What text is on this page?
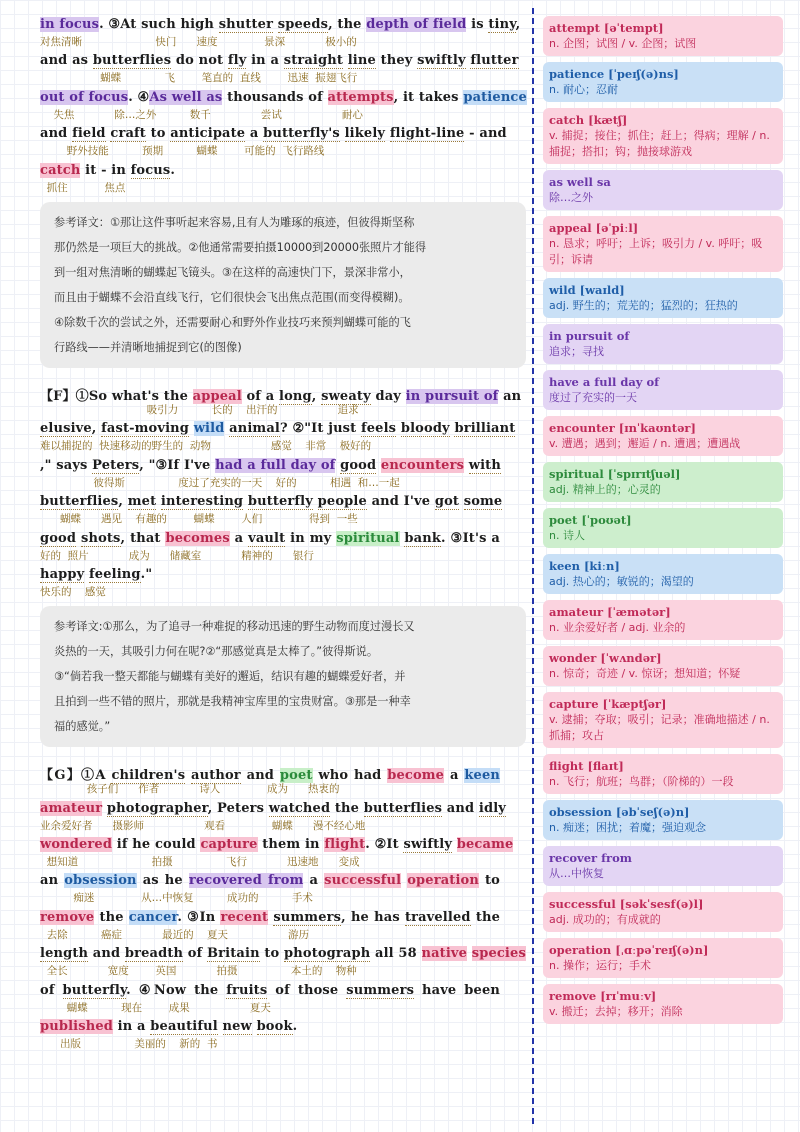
in focus. ③At such high shutter speeds, the depth of field is tiny,
对焦清晰                      快门      速度              景深            极小的
and as butterflies do not fly in a straight line they swiftly flutter
蝴蝶             飞        笔直的  直线        迅速  振翅飞行
out of focus. ④As well as thousands of attempts, it takes patience
失焦            除…之外          数千               尝试                  耐心
and field craft to anticipate a butterfly's likely flight-line - and
野外技能          预期          蝴蝶        可能的  飞行路线
catch it - in focus.
抓住           焦点
参考译文：①那让这件事听起来容易,且有人为雕琢的痕迹，但彼得斯坚称
那仍然是一项巨大的挑战。②他通常需要拍摄10000到20000张照片才能得
到一组对焦清晰的蝴蝶起飞镜头。③在这样的高速快门下，景深非常小，
而且由于蝴蝶不会沿直线飞行，它们很快会飞出焦点范围(而变得模糊)。
④除数千次的尝试之外，还需要耐心和野外作业技巧来预判蝴蝶可能的飞
行路线——并清晰地捕捉到它(的图像)
【F】①So what's the appeal of a long, sweaty day in pursuit of an
吸引力          长的    出汗的                  追求
elusive, fast-moving wild animal? ②"It just feels bloody brilliant
难以捕捉的  快速移动的野生的  动物                  感觉    非常    极好的
," says Peters, "③If I've had a full day of good encounters with
彼得斯                度过了充实的一天    好的          相遇  和…一起
butterflies, met interesting butterfly people and I've got some
蝴蝶      遇见    有趣的        蝴蝶        人们              得到  一些
good shots, that becomes a vault in my spiritual bank. ③It's a
好的  照片            成为      储藏室            精神的      银行
happy feeling."
快乐的    感觉
参考译文:①那么，为了追寻一种难捉的移动迅速的野生动物而度过漫长又
炎热的一天，其吸引力何在呢?②“那感觉真是太棒了。”彼得斯说。
③“倘若我一整天都能与蝴蝶有美好的邂逅，结识有趣的蝴蝶爱好者，并
且拍到一些不错的照片，那就是我精神宝库里的宝贵财富。③那是一种幸
福的感觉。”
【G】①A children's author and poet who had become a keen
孩子们      作者            诗人              成为      热衷的
amateur photographer, Peters watched the butterflies and idly
业余爱好者      摄影师                  观看              蝴蝶      漫不经心地
wondered if he could capture them in flight. ②It swiftly became
想知道                      拍摄                飞行            迅速地      变成
an obsession as he recovered from a successful operation to
痴迷              从…中恢复          成功的          手术
remove the cancer. ③In recent summers, he has travelled the
去除          癌症            最近的    夏天                  游历
length and breadth of Britain to photograph all 58 native species
全长            宽度        英国            拍摄                本土的    物种
of butterfly. ④Now the fruits of those summers have been
蝴蝶          现在        成果                  夏天
published in a beautiful new book.
出版                美丽的    新的  书
attempt [əˈtempt]
n. 企图；试图 / v. 企图；试图
patience [ˈpeɪʃ(ə)ns]
n. 耐心；忍耐
catch [kætʃ]
v. 捕捉；接住；抓住；赶上；得病；理解 / n. 捕捉；搭扣；钩；抛接球游戏
as well sa
除…之外
appeal [əˈpiːl]
n. 恳求；呼吁；上诉；吸引力 / v. 呼吁；吸引；诉请
wild [waɪld]
adj. 野生的；荒芜的；猛烈的；狂热的
in pursuit of
追求；寻找
have a full day of
度过了充实的一天
encounter [ɪnˈkaʊntər]
v. 遭遇；遇到；邂逅 / n. 遭遇；遭遇战
spiritual [ˈspɪrɪtʃuəl]
adj. 精神上的；心灵的
poet [ˈpoʊət]
n. 诗人
keen [kiːn]
adj. 热心的；敏锐的；渴望的
amateur [ˈæmətər]
n. 业余爱好者 / adj. 业余的
wonder [ˈwʌndər]
n. 惊奇；奇迹 / v. 惊讶；想知道；怀疑
capture [ˈkæptʃər]
v. 逮捕；夺取；吸引；记录；准确地描述 / n. 抓捕；攻占
flight [flaɪt]
n. 飞行；航班；鸟群；（阶梯的）一段
obsession [əbˈseʃ(ə)n]
n. 痴迷；困扰；着魔；强迫观念
recover from
从…中恢复
successful [səkˈsesf(ə)l]
adj. 成功的；有成就的
operation [ˌɑːpəˈreɪʃ(ə)n]
n. 操作；运行；手术
remove [rɪˈmuːv]
v. 搬迁；去掉；移开；消除
